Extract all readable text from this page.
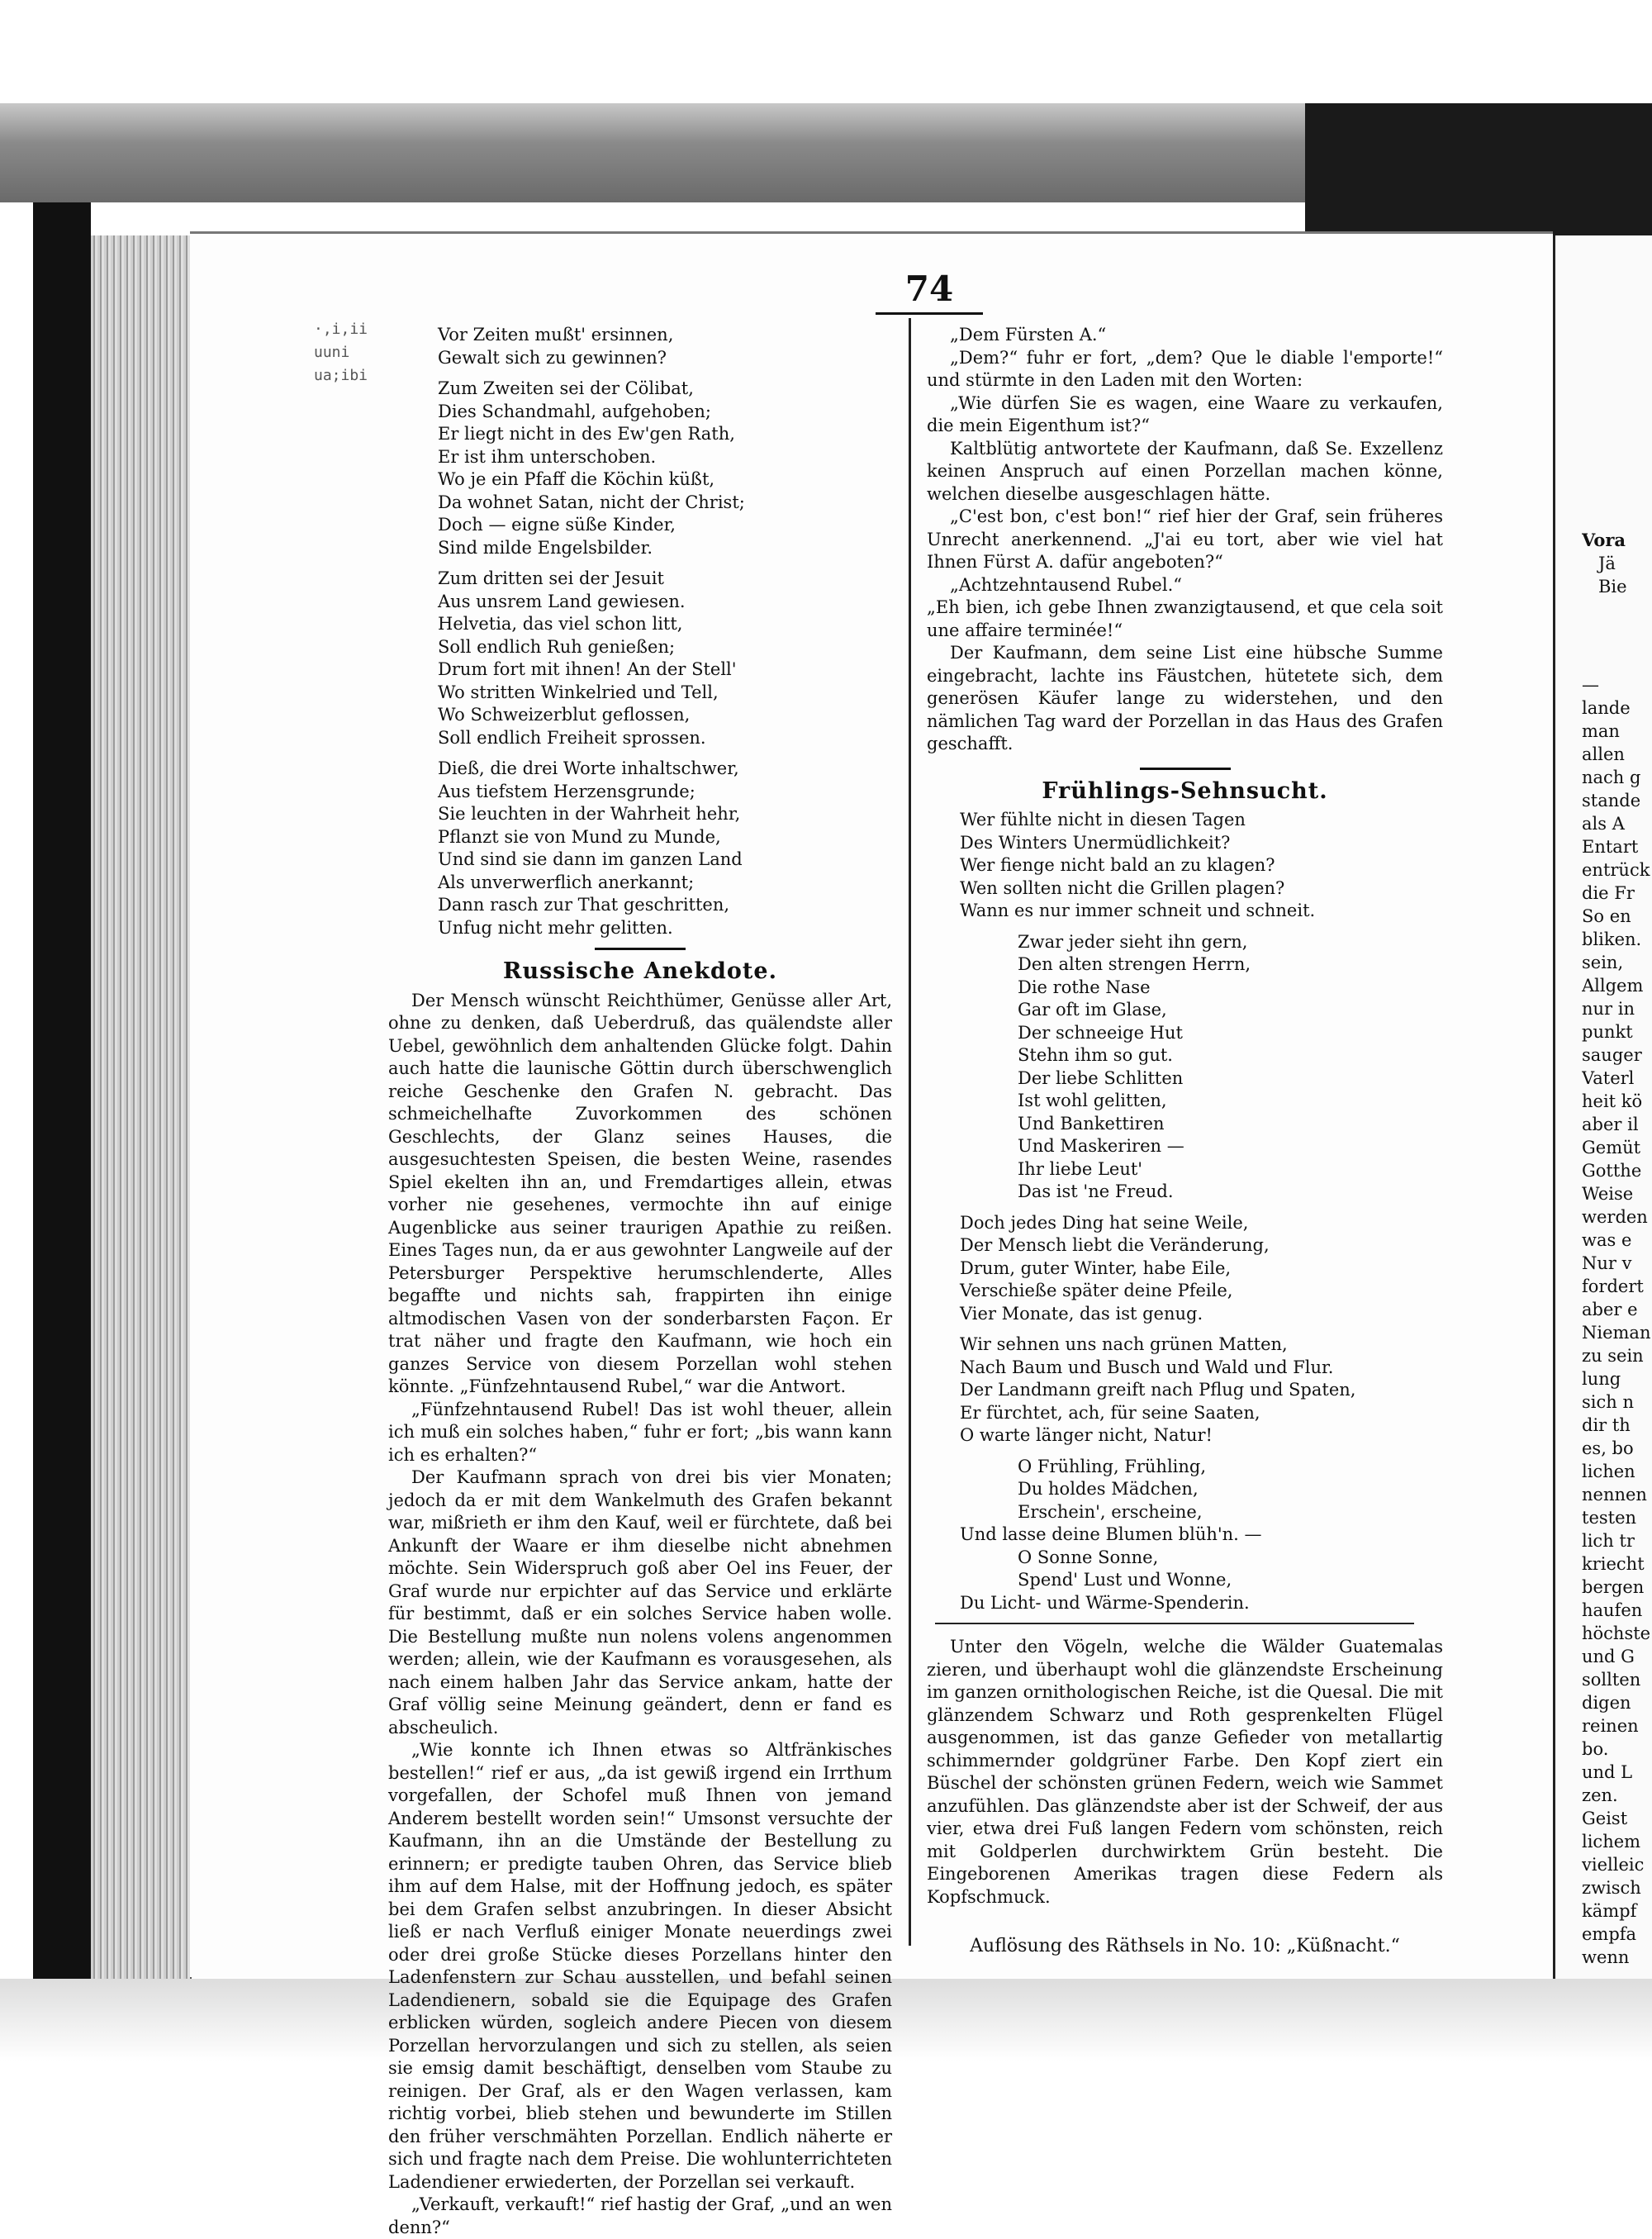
74
·,i,ii
uuni
ua;ibi
Vor Zeiten mußt' ersinnen,
Gewalt sich zu gewinnen?
Zum Zweiten sei der Cölibat,
Dies Schandmahl, aufgehoben;
Er liegt nicht in des Ew'gen Rath,
Er ist ihm unterschoben.
Wo je ein Pfaff die Köchin küßt,
Da wohnet Satan, nicht der Christ;
Doch — eigne süße Kinder,
Sind milde Engelsbilder.
Zum dritten sei der Jesuit
Aus unsrem Land gewiesen.
Helvetia, das viel schon litt,
Soll endlich Ruh genießen;
Drum fort mit ihnen! An der Stell'
Wo stritten Winkelried und Tell,
Wo Schweizerblut geflossen,
Soll endlich Freiheit sprossen.
Dieß, die drei Worte inhaltschwer,
Aus tiefstem Herzensgrunde;
Sie leuchten in der Wahrheit hehr,
Pflanzt sie von Mund zu Munde,
Und sind sie dann im ganzen Land
Als unverwerflich anerkannt;
Dann rasch zur That geschritten,
Unfug nicht mehr gelitten.
Russische Anekdote.

Der Mensch wünscht Reichthümer, Genüsse aller Art, ohne zu denken, daß Ueberdruß, das quälendste aller Uebel, gewöhnlich dem anhaltenden Glücke folgt. Dahin auch hatte die launische Göttin durch überschwenglich reiche Geschenke den Grafen N. gebracht. Das schmeichelhafte Zuvorkommen des schönen Geschlechts, der Glanz seines Hauses, die ausgesuchtesten Speisen, die besten Weine, rasendes Spiel ekelten ihn an, und Fremdartiges allein, etwas vorher nie gesehenes, vermochte ihn auf einige Augenblicke aus seiner traurigen Apathie zu reißen. Eines Tages nun, da er aus gewohnter Langweile auf der Petersburger Perspektive herumschlenderte, Alles begaffte und nichts sah, frappirten ihn einige altmodischen Vasen von der sonderbarsten Façon. Er trat näher und fragte den Kaufmann, wie hoch ein ganzes Service von diesem Porzellan wohl stehen könnte. „Fünfzehntausend Rubel,“ war die Antwort.

„Fünfzehntausend Rubel! Das ist wohl theuer, allein ich muß ein solches haben,“ fuhr er fort; „bis wann kann ich es erhalten?“

Der Kaufmann sprach von drei bis vier Monaten; jedoch da er mit dem Wankelmuth des Grafen bekannt war, mißrieth er ihm den Kauf, weil er fürchtete, daß bei Ankunft der Waare er ihm dieselbe nicht abnehmen möchte. Sein Widerspruch goß aber Oel ins Feuer, der Graf wurde nur erpichter auf das Service und erklärte für bestimmt, daß er ein solches Service haben wolle. Die Bestellung mußte nun nolens volens angenommen werden; allein, wie der Kaufmann es vorausgesehen, als nach einem halben Jahr das Service ankam, hatte der Graf völlig seine Meinung geändert, denn er fand es abscheulich.

„Wie konnte ich Ihnen etwas so Altfränkisches bestellen!“ rief er aus, „da ist gewiß irgend ein Irrthum vorgefallen, der Schofel muß Ihnen von jemand Anderem bestellt worden sein!“ Umsonst versuchte der Kaufmann, ihn an die Umstände der Bestellung zu erinnern; er predigte tauben Ohren, das Service blieb ihm auf dem Halse, mit der Hoffnung jedoch, es später bei dem Grafen selbst anzubringen. In dieser Absicht ließ er nach Verfluß einiger Monate neuerdings zwei oder drei große Stücke dieses Porzellans hinter den Ladenfenstern zur Schau ausstellen, und befahl seinen Ladendienern, sobald sie die Equipage des Grafen erblicken würden, sogleich andere Piecen von diesem Porzellan hervorzulangen und sich zu stellen, als seien sie emsig damit beschäftigt, denselben vom Staube zu reinigen. Der Graf, als er den Wagen verlassen, kam richtig vorbei, blieb stehen und bewunderte im Stillen den früher verschmähten Porzellan. Endlich näherte er sich und fragte nach dem Preise. Die wohlunterrichteten Ladendiener erwiederten, der Porzellan sei verkauft.

„Verkauft, verkauft!“ rief hastig der Graf, „und an wen denn?“

„Dem Fürsten A.“

„Dem?“ fuhr er fort, „dem? Que le diable l'emporte!“ und stürmte in den Laden mit den Worten:

„Wie dürfen Sie es wagen, eine Waare zu verkaufen, die mein Eigenthum ist?“

Kaltblütig antwortete der Kaufmann, daß Se. Exzellenz keinen Anspruch auf einen Porzellan machen könne, welchen dieselbe ausgeschlagen hätte.

„C'est bon, c'est bon!“ rief hier der Graf, sein früheres Unrecht anerkennend. „J'ai eu tort, aber wie viel hat Ihnen Fürst A. dafür angeboten?“

„Achtzehntausend Rubel.“

„Eh bien, ich gebe Ihnen zwanzigtausend, et que cela soit une affaire terminée!“

Der Kaufmann, dem seine List eine hübsche Summe eingebracht, lachte ins Fäustchen, hütetete sich, dem generösen Käufer lange zu widerstehen, und den nämlichen Tag ward der Porzellan in das Haus des Grafen geschafft.

Frühlings-Sehnsucht.
Wer fühlte nicht in diesen Tagen
Des Winters Unermüdlichkeit?
Wer fienge nicht bald an zu klagen?
Wen sollten nicht die Grillen plagen?
Wann es nur immer schneit und schneit.
Zwar jeder sieht ihn gern,
Den alten strengen Herrn,
Die rothe Nase
Gar oft im Glase,
Der schneeige Hut
Stehn ihm so gut.
Der liebe Schlitten
Ist wohl gelitten,
Und Bankettiren
Und Maskeriren —
Ihr liebe Leut'
Das ist 'ne Freud.
Doch jedes Ding hat seine Weile,
Der Mensch liebt die Veränderung,
Drum, guter Winter, habe Eile,
Verschieße später deine Pfeile,
Vier Monate, das ist genug.
Wir sehnen uns nach grünen Matten,
Nach Baum und Busch und Wald und Flur.
Der Landmann greift nach Pflug und Spaten,
Er fürchtet, ach, für seine Saaten,
O warte länger nicht, Natur!
O Frühling, Frühling,
Du holdes Mädchen,
Erschein', erscheine,
Und lasse deine Blumen blüh'n. —
O Sonne Sonne,
Spend' Lust und Wonne,
Du Licht- und Wärme-Spenderin.

Unter den Vögeln, welche die Wälder Guatemalas zieren, und überhaupt wohl die glänzendste Erscheinung im ganzen ornithologischen Reiche, ist die Quesal. Die mit glänzendem Schwarz und Roth gesprenkelten Flügel ausgenommen, ist das ganze Gefieder von metallartig schimmernder goldgrüner Farbe. Den Kopf ziert ein Büschel der schönsten grünen Federn, weich wie Sammet anzufühlen. Das glänzendste aber ist der Schweif, der aus vier, etwa drei Fuß langen Federn vom schönsten, reich mit Goldperlen durchwirktem Grün besteht. Die Eingeborenen Amerikas tragen diese Federn als Kopfschmuck.

Auflösung des Räthsels in No. 10: „Küßnacht.“
Vora
Jä
Bie
—
lande
man
allen
nach g
stande
als A
Entart
entrück
die Fr
So en
bliken.
sein,
Allgem
nur in
punkt
sauger
Vaterl
heit kö
aber il
Gemüt
Gotthe
Weise
werden
was e
Nur v
fordert
aber e
Nieman
zu sein
lung
sich n
dir th
es, bo
lichen
nennen
testen
lich tr
kriecht
bergen
haufen
höchste
und G
sollten
digen
reinen
bo.
und L
zen.
Geist
lichem
vielleic
zwisch
kämpf
empfa
wenn
